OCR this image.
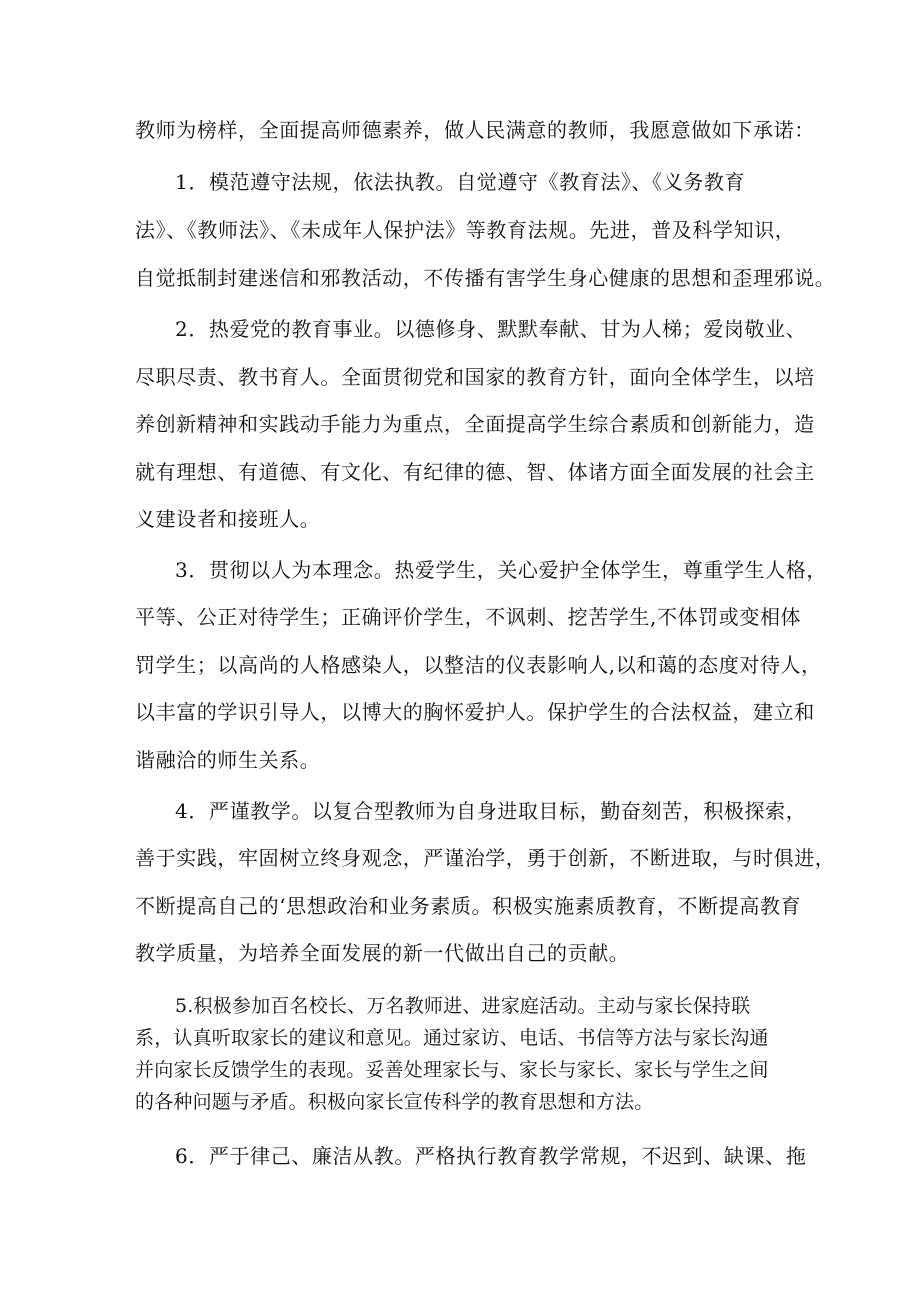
教师为榜样，全面提高师德素养，做人民满意的教师，我愿意做如下承诺：
1．模范遵守法规，依法执教。自觉遵守《教育法》、《义务教育
法》、《教师法》、《未成年人保护法》等教育法规。先进，普及科学知识，
自觉抵制封建迷信和邪教活动，不传播有害学生身心健康的思想和歪理邪说。
2．热爱党的教育事业。以德修身、默默奉献、甘为人梯；爱岗敬业、
尽职尽责、教书育人。全面贯彻党和国家的教育方针，面向全体学生，以培
养创新精神和实践动手能力为重点，全面提高学生综合素质和创新能力，造
就有理想、有道德、有文化、有纪律的德、智、体诸方面全面发展的社会主
义建设者和接班人。
3．贯彻以人为本理念。热爱学生，关心爱护全体学生，尊重学生人格，
平等、公正对待学生；正确评价学生，不讽刺、挖苦学生,不体罚或变相体
罚学生；以高尚的人格感染人，以整洁的仪表影响人,以和蔼的态度对待人，
以丰富的学识引导人，以博大的胸怀爱护人。保护学生的合法权益，建立和
谐融洽的师生关系。
4．严谨教学。以复合型教师为自身进取目标，勤奋刻苦，积极探索，
善于实践，牢固树立终身观念，严谨治学，勇于创新，不断进取，与时俱进，
不断提高自己的‘思想政治和业务素质。积极实施素质教育，不断提高教育
教学质量，为培养全面发展的新一代做出自己的贡献。
5.积极参加百名校长、万名教师进、进家庭活动。主动与家长保持联
系，认真听取家长的建议和意见。通过家访、电话、书信等方法与家长沟通
并向家长反馈学生的表现。妥善处理家长与、家长与家长、家长与学生之间
的各种问题与矛盾。积极向家长宣传科学的教育思想和方法。
6．严于律己、廉洁从教。严格执行教育教学常规，不迟到、缺课、拖
